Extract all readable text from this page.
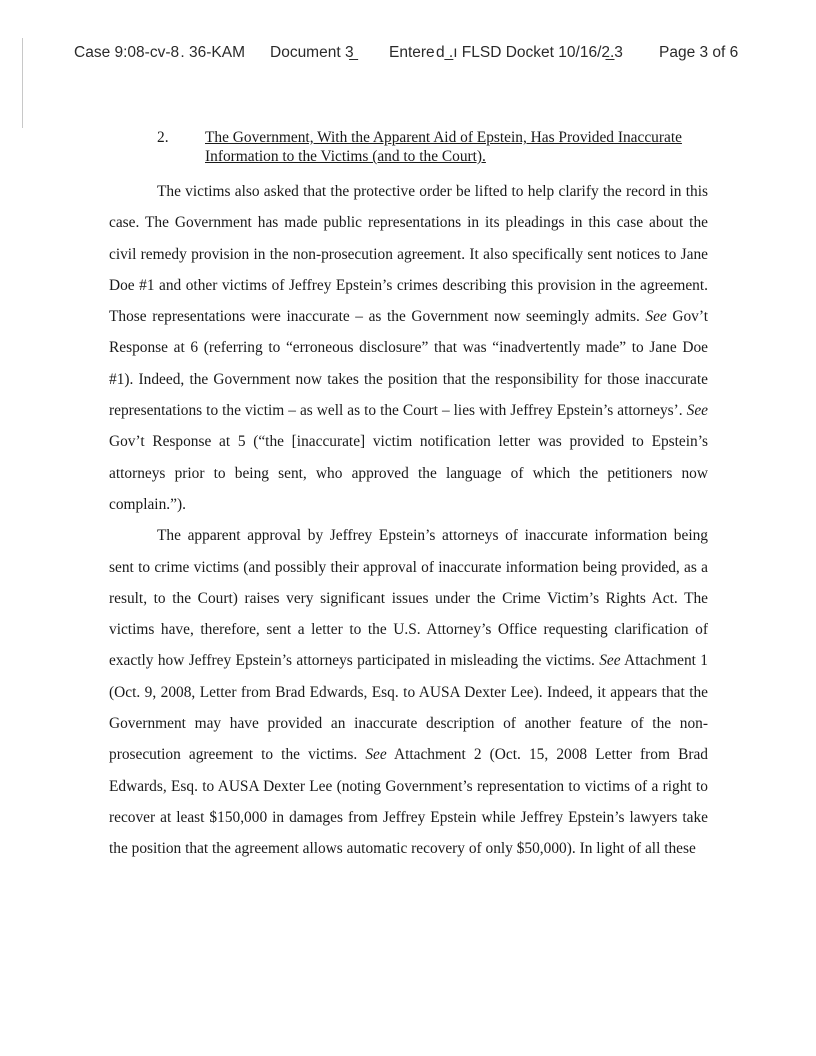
Case 9:08-cv-8 . 36-KAM Document 3̲ Entere d ̲.ı FLSD Docket 10/16/2̲̲̲.3 Page 3 of 6
2. The Government, With the Apparent Aid of Epstein, Has Provided Inaccurate Information to the Victims (and to the Court).

The victims also asked that the protective order be lifted to help clarify the record in this case. The Government has made public representations in its pleadings in this case about the civil remedy provision in the non-prosecution agreement. It also specifically sent notices to Jane Doe #1 and other victims of Jeffrey Epstein’s crimes describing this provision in the agreement. Those representations were inaccurate – as the Government now seemingly admits. See Gov’t Response at 6 (referring to “erroneous disclosure” that was “inadvertently made” to Jane Doe #1). Indeed, the Government now takes the position that the responsibility for those inaccurate representations to the victim – as well as to the Court – lies with Jeffrey Epstein’s attorneys’. See Gov’t Response at 5 (“the [inaccurate] victim notification letter was provided to Epstein’s attorneys prior to being sent, who approved the language of which the petitioners now complain.”).

The apparent approval by Jeffrey Epstein’s attorneys of inaccurate information being sent to crime victims (and possibly their approval of inaccurate information being provided, as a result, to the Court) raises very significant issues under the Crime Victim’s Rights Act. The victims have, therefore, sent a letter to the U.S. Attorney’s Office requesting clarification of exactly how Jeffrey Epstein’s attorneys participated in misleading the victims. See Attachment 1 (Oct. 9, 2008, Letter from Brad Edwards, Esq. to AUSA Dexter Lee). Indeed, it appears that the Government may have provided an inaccurate description of another feature of the non-prosecution agreement to the victims. See Attachment 2 (Oct. 15, 2008 Letter from Brad Edwards, Esq. to AUSA Dexter Lee (noting Government’s representation to victims of a right to recover at least $150,000 in damages from Jeffrey Epstein while Jeffrey Epstein’s lawyers take the position that the agreement allows automatic recovery of only $50,000). In light of all these
